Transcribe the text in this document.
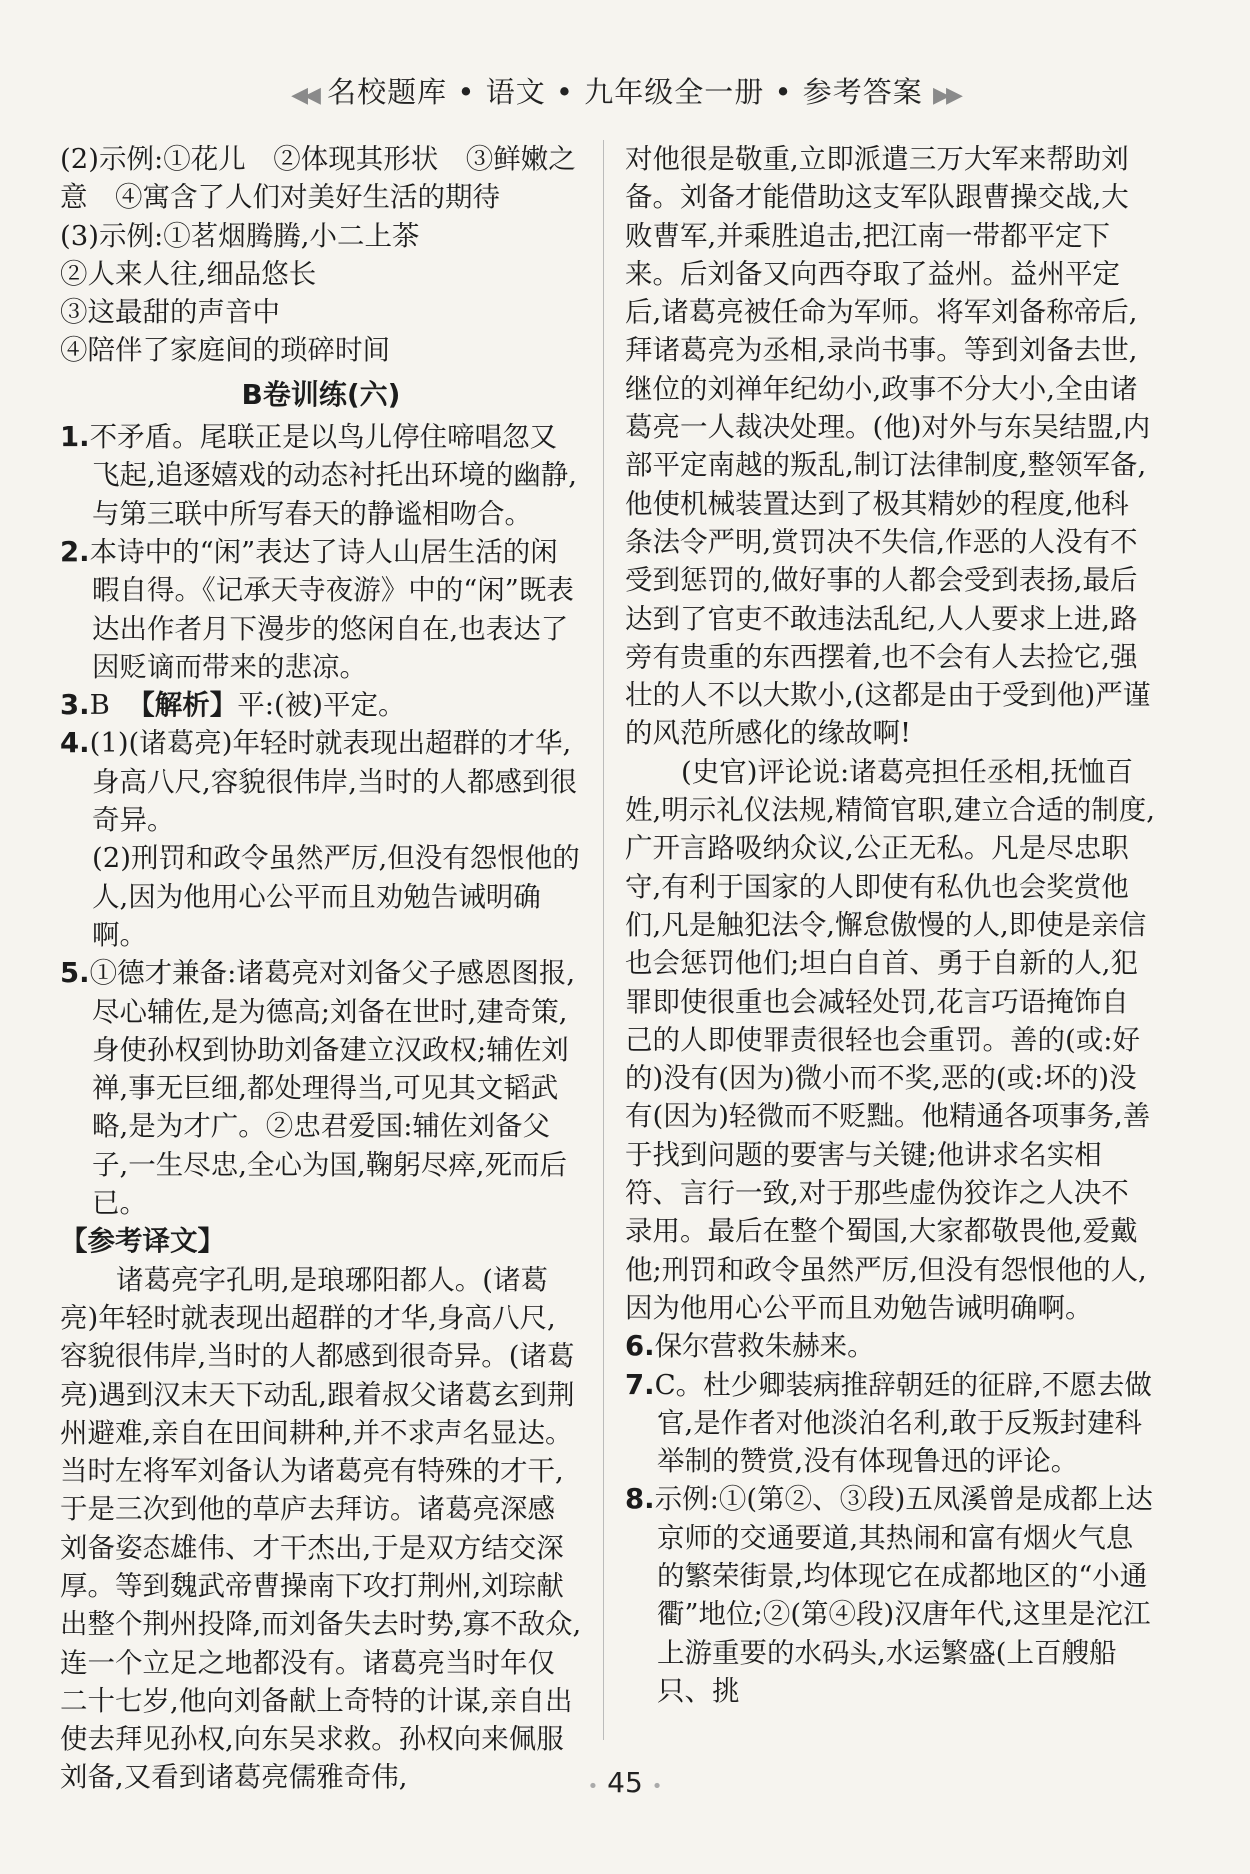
◀◀ 名校题库 • 语文 • 九年级全一册 • 参考答案 ▶▶

(2)示例:①花儿　②体现其形状　③鲜嫩之意　④寓含了人们对美好生活的期待

(3)示例:①茗烟腾腾,小二上茶

②人来人往,细品悠长

③这最甜的声音中

④陪伴了家庭间的琐碎时间

B卷训练(六)

1.不矛盾。尾联正是以鸟儿停住啼唱忽又飞起,追逐嬉戏的动态衬托出环境的幽静,与第三联中所写春天的静谧相吻合。

2.本诗中的“闲”表达了诗人山居生活的闲暇自得。《记承天寺夜游》中的“闲”既表达出作者月下漫步的悠闲自在,也表达了因贬谪而带来的悲凉。

3.B 【解析】平:(被)平定。

4.(1)(诸葛亮)年轻时就表现出超群的才华,身高八尺,容貌很伟岸,当时的人都感到很奇异。

(2)刑罚和政令虽然严厉,但没有怨恨他的人,因为他用心公平而且劝勉告诫明确啊。

5.①德才兼备:诸葛亮对刘备父子感恩图报,尽心辅佐,是为德高;刘备在世时,建奇策,身使孙权到协助刘备建立汉政权;辅佐刘禅,事无巨细,都处理得当,可见其文韬武略,是为才广。②忠君爱国:辅佐刘备父子,一生尽忠,全心为国,鞠躬尽瘁,死而后已。

【参考译文】

诸葛亮字孔明,是琅琊阳都人。(诸葛亮)年轻时就表现出超群的才华,身高八尺,容貌很伟岸,当时的人都感到很奇异。(诸葛亮)遇到汉末天下动乱,跟着叔父诸葛玄到荆州避难,亲自在田间耕种,并不求声名显达。当时左将军刘备认为诸葛亮有特殊的才干,于是三次到他的草庐去拜访。诸葛亮深感刘备姿态雄伟、才干杰出,于是双方结交深厚。等到魏武帝曹操南下攻打荆州,刘琮献出整个荆州投降,而刘备失去时势,寡不敌众,连一个立足之地都没有。诸葛亮当时年仅二十七岁,他向刘备献上奇特的计谋,亲自出使去拜见孙权,向东吴求救。孙权向来佩服刘备,又看到诸葛亮儒雅奇伟,

对他很是敬重,立即派遣三万大军来帮助刘备。刘备才能借助这支军队跟曹操交战,大败曹军,并乘胜追击,把江南一带都平定下来。后刘备又向西夺取了益州。益州平定后,诸葛亮被任命为军师。将军刘备称帝后,拜诸葛亮为丞相,录尚书事。等到刘备去世,继位的刘禅年纪幼小,政事不分大小,全由诸葛亮一人裁决处理。(他)对外与东吴结盟,内部平定南越的叛乱,制订法律制度,整领军备,他使机械装置达到了极其精妙的程度,他科条法令严明,赏罚决不失信,作恶的人没有不受到惩罚的,做好事的人都会受到表扬,最后达到了官吏不敢违法乱纪,人人要求上进,路旁有贵重的东西摆着,也不会有人去捡它,强壮的人不以大欺小,(这都是由于受到他)严谨的风范所感化的缘故啊!

(史官)评论说:诸葛亮担任丞相,抚恤百姓,明示礼仪法规,精简官职,建立合适的制度,广开言路吸纳众议,公正无私。凡是尽忠职守,有利于国家的人即使有私仇也会奖赏他们,凡是触犯法令,懈怠傲慢的人,即使是亲信也会惩罚他们;坦白自首、勇于自新的人,犯罪即使很重也会减轻处罚,花言巧语掩饰自己的人即使罪责很轻也会重罚。善的(或:好的)没有(因为)微小而不奖,恶的(或:坏的)没有(因为)轻微而不贬黜。他精通各项事务,善于找到问题的要害与关键;他讲求名实相符、言行一致,对于那些虚伪狡诈之人决不录用。最后在整个蜀国,大家都敬畏他,爱戴他;刑罚和政令虽然严厉,但没有怨恨他的人,因为他用心公平而且劝勉告诫明确啊。

6.保尔营救朱赫来。

7.C。杜少卿装病推辞朝廷的征辟,不愿去做官,是作者对他淡泊名利,敢于反叛封建科举制的赞赏,没有体现鲁迅的评论。

8.示例:①(第②、③段)五凤溪曾是成都上达京师的交通要道,其热闹和富有烟火气息的繁荣街景,均体现它在成都地区的“小通衢”地位;②(第④段)汉唐年代,这里是沱江上游重要的水码头,水运繁盛(上百艘船只、挑

• 45 •
